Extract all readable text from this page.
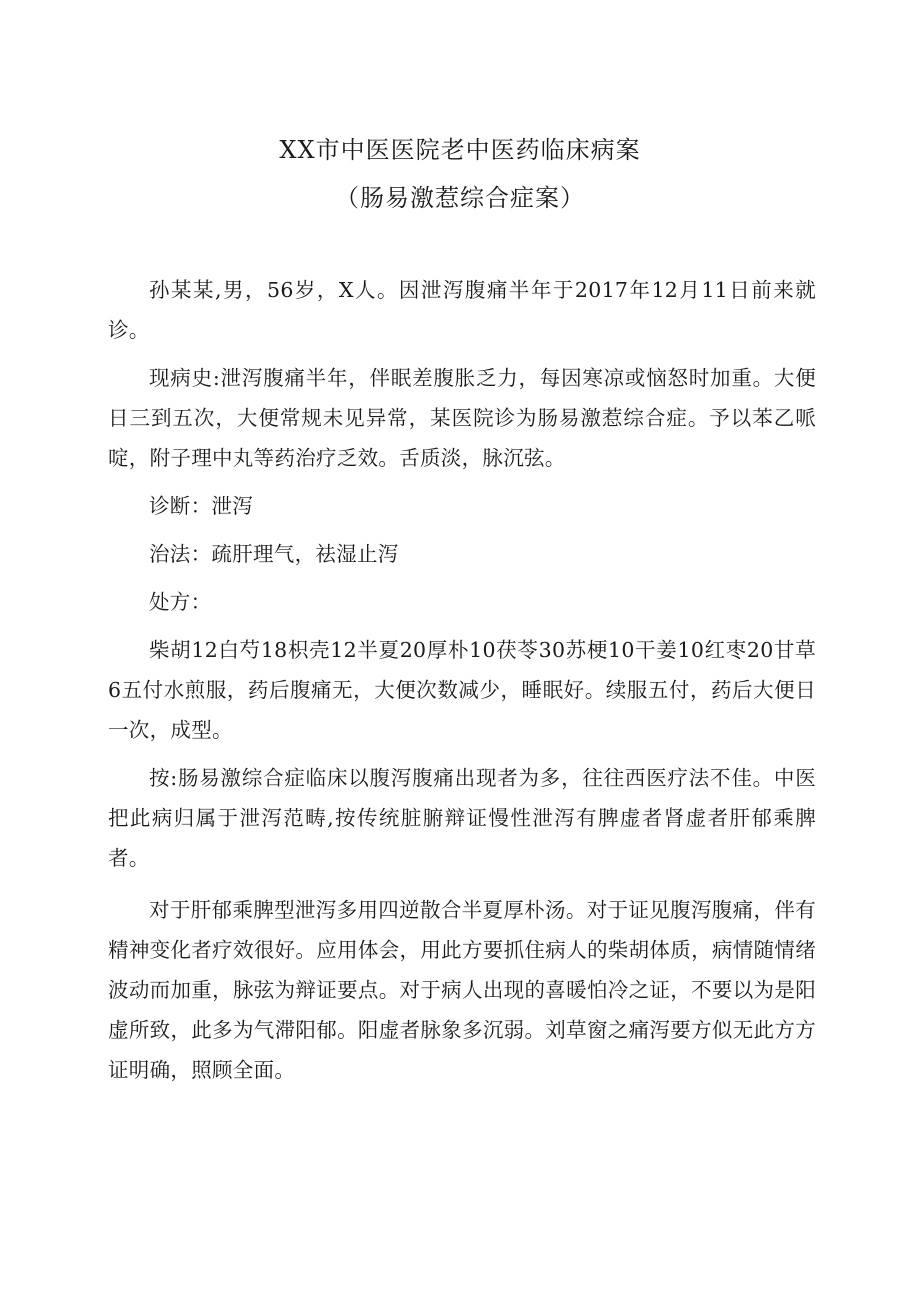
XX市中医医院老中医药临床病案
（肠易激惹综合症案）

孙某某,男，56岁，X人。因泄泻腹痛半年于2017年12月11日前来就诊。

现病史:泄泻腹痛半年，伴眠差腹胀乏力，每因寒凉或恼怒时加重。大便日三到五次，大便常规未见异常，某医院诊为肠易激惹综合症。予以苯乙哌啶，附子理中丸等药治疗乏效。舌质淡，脉沉弦。

诊断：泄泻

治法：疏肝理气，祛湿止泻

处方：

柴胡12白芍18枳壳12半夏20厚朴10茯苓30苏梗10干姜10红枣20甘草6五付水煎服，药后腹痛无，大便次数减少，睡眠好。续服五付，药后大便日一次，成型。

按:肠易激综合症临床以腹泻腹痛出现者为多，往往西医疗法不佳。中医把此病归属于泄泻范畴,按传统脏腑辩证慢性泄泻有脾虚者肾虚者肝郁乘脾者。

对于肝郁乘脾型泄泻多用四逆散合半夏厚朴汤。对于证见腹泻腹痛，伴有精神变化者疗效很好。应用体会，用此方要抓住病人的柴胡体质，病情随情绪波动而加重，脉弦为辩证要点。对于病人出现的喜暖怕冷之证，不要以为是阳虚所致，此多为气滞阳郁。阳虚者脉象多沉弱。刘草窗之痛泻要方似无此方方证明确，照顾全面。
